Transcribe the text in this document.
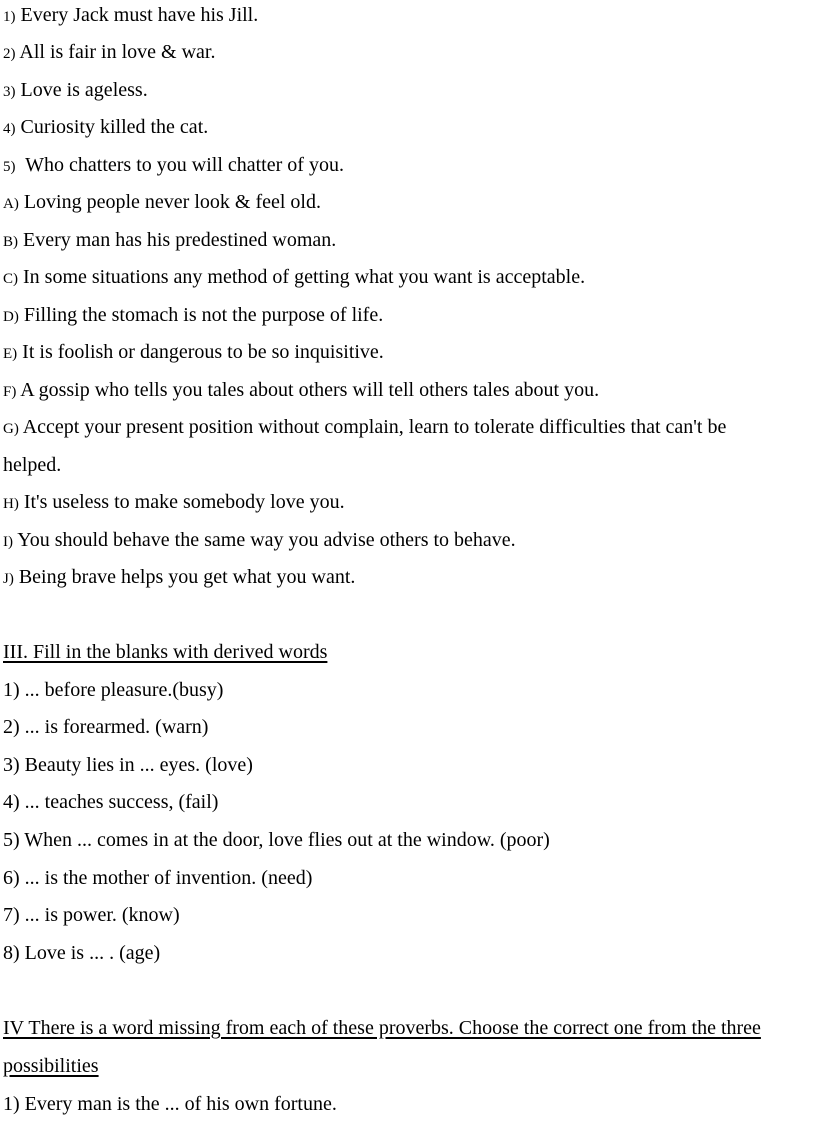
1) Every Jack must have his Jill.
2) All is fair in love & war.
3) Love is ageless.
4) Curiosity killed the cat.
5) Who chatters to you will chatter of you.
A) Loving people never look & feel old.
B) Every man has his predestined woman.
C) In some situations any method of getting what you want is acceptable.
D) Filling the stomach is not the purpose of life.
E) It is foolish or dangerous to be so inquisitive.
F) A gossip who tells you tales about others will tell others tales about you.
G) Accept your present position without complain, learn to tolerate difficulties that can't be
helped.
H) It's useless to make somebody love you.
I) You should behave the same way you advise others to behave.
J) Being brave helps you get what you want.
III. Fill in the blanks with derived words
1) ... before pleasure.(busy)
2) ... is forearmed. (warn)
3) Beauty lies in ... eyes. (love)
4) ... teaches success, (fail)
5) When ... comes in at the door, love flies out at the window. (poor)
6) ... is the mother of invention. (need)
7) ... is power. (know)
8) Love is ... . (age)
IV There is a word missing from each of these proverbs. Choose the correct one from the three
possibilities
1) Every man is the ... of his own fortune.
